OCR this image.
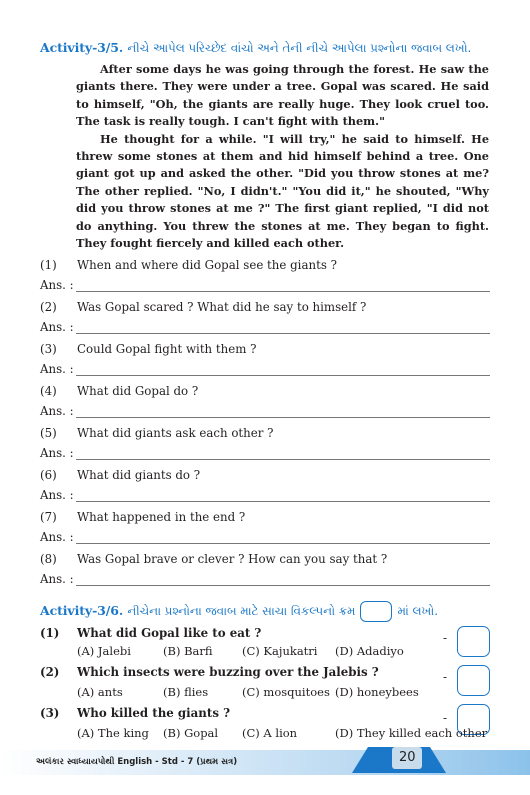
Activity-3/5. નીચે આપેલ પરિચ્છેદ વાંચો અને તેની નીચે આપેલા પ્રશ્નોના જવાબ લખો.

After some days he was going through the forest. He saw the giants there. They were under a tree. Gopal was scared. He said to himself, "Oh, the giants are really huge. They look cruel too. The task is really tough. I can't fight with them."

He thought for a while. "I will try," he said to himself. He threw some stones at them and hid himself behind a tree. One giant got up and asked the other. "Did you throw stones at me? The other replied. "No, I didn't." "You did it," he shouted, "Why did you throw stones at me ?" The first giant replied, "I did not do anything. You threw the stones at me. They began to fight. They fought fiercely and killed each other.

(1) When and where did Gopal see the giants ?
Ans. :
(2) Was Gopal scared ? What did he say to himself ?
Ans. :
(3) Could Gopal fight with them ?
Ans. :
(4) What did Gopal do ?
Ans. :
(5) What did giants ask each other ?
Ans. :
(6) What did giants do ?
Ans. :
(7) What happened in the end ?
Ans. :
(8) Was Gopal brave or clever ? How can you say that ?
Ans. :
Activity-3/6. નીચેના પ્રશ્નોના જવાબ માટે સાચા વિકલ્પનો ક્રમ	માં લખો.
(1) What did Gopal like to eat ?	-
(A) Jalebi	(B) Barfi	(C) Kajukatri (D) Adadiyo
(2) Which insects were buzzing over the Jalebis ?	-
(A) ants	(B) flies	(C) mosquitoes (D) honeybees
(3) Who killed the giants ?	-
(A) The king (B) Gopal (C) A lion	(D) They killed each other
અલંકાર સ્વાધ્યાયપોથી English - Std - 7 (પ્રથમ સત્ર)	20
